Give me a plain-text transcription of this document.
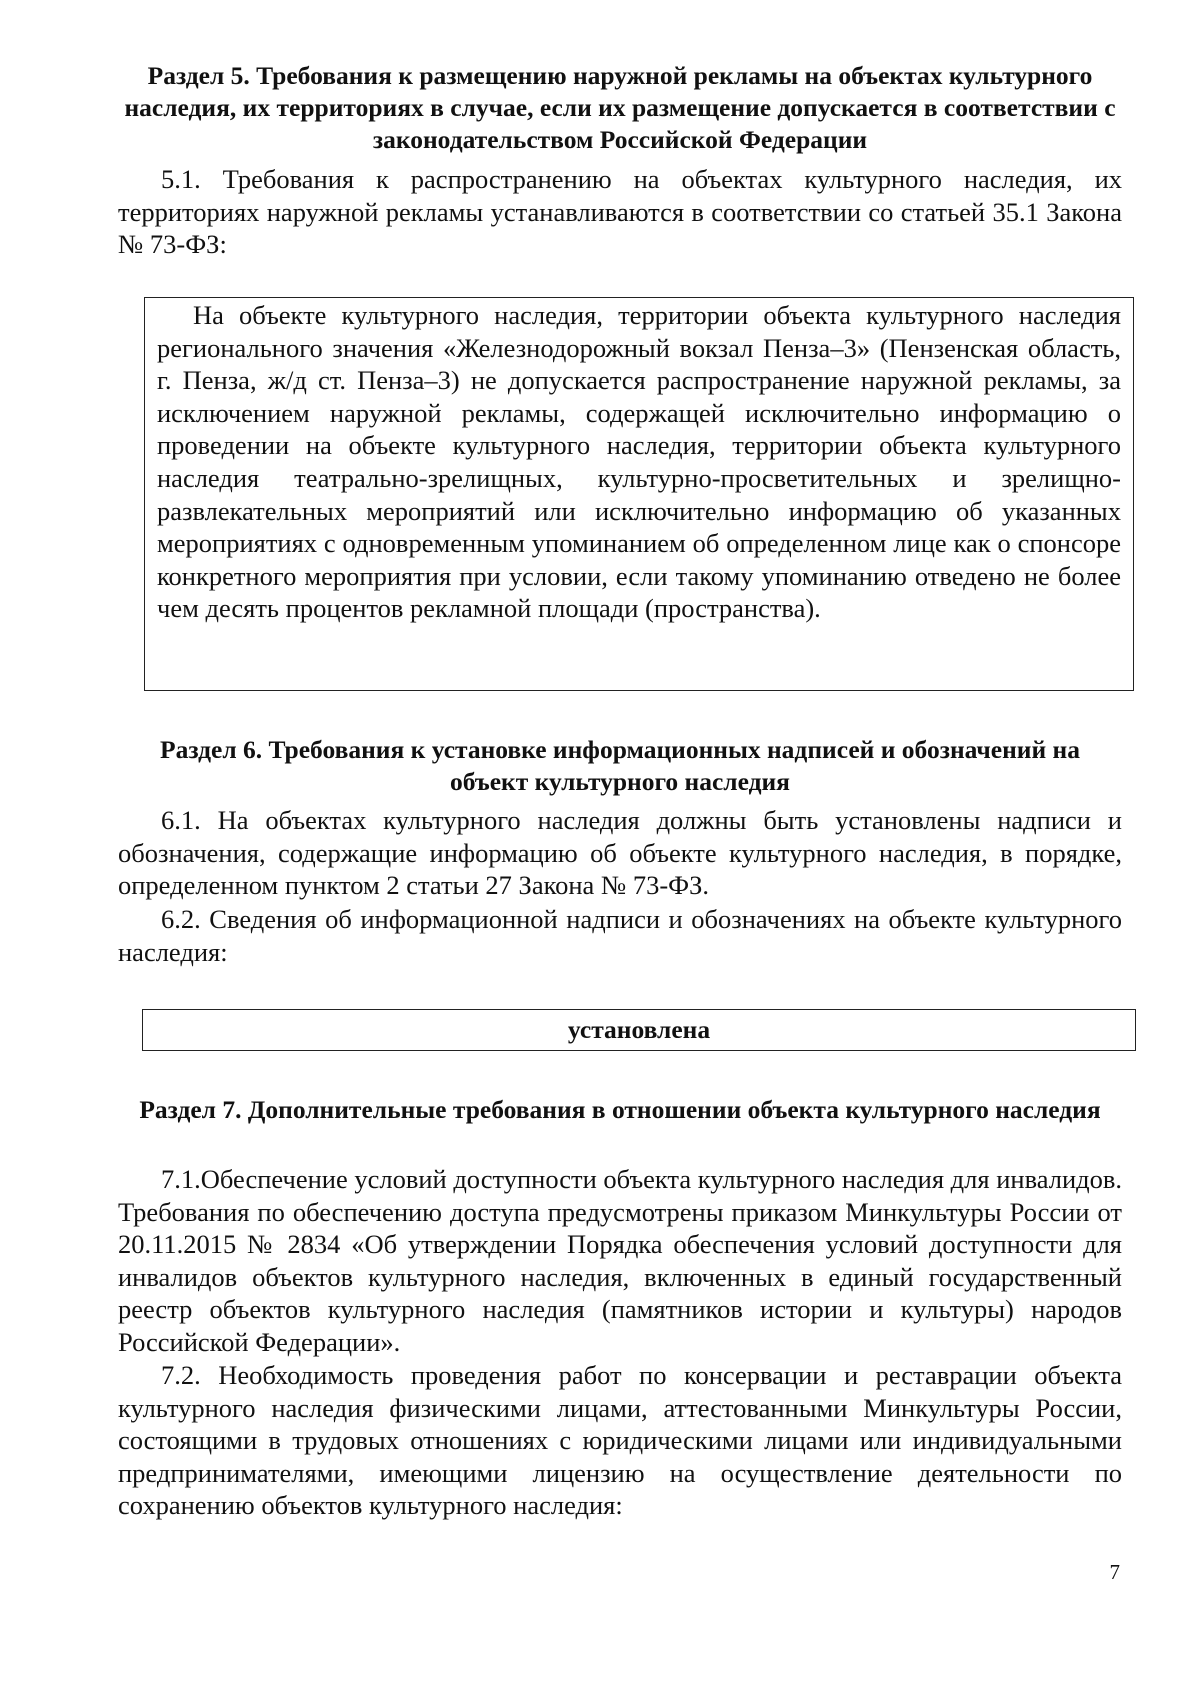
Раздел 5. Требования к размещению наружной рекламы на объектах культурного наследия, их территориях в случае, если их размещение допускается в соответствии с законодательством Российской Федерации
5.1. Требования к распространению на объектах культурного наследия, их территориях наружной рекламы устанавливаются в соответствии со статьей 35.1 Закона № 73-ФЗ:
На объекте культурного наследия, территории объекта культурного наследия регионального значения «Железнодорожный вокзал Пенза–3» (Пензенская область, г. Пенза, ж/д ст. Пенза–3) не допускается распространение наружной рекламы, за исключением наружной рекламы, содержащей исключительно информацию о проведении на объекте культурного наследия, территории объекта культурного наследия театрально-зрелищных, культурно-просветительных и зрелищно-развлекательных мероприятий или исключительно информацию об указанных мероприятиях с одновременным упоминанием об определенном лице как о спонсоре конкретного мероприятия при условии, если такому упоминанию отведено не более чем десять процентов рекламной площади (пространства).
Раздел 6. Требования к установке информационных надписей и обозначений на объект культурного наследия
6.1. На объектах культурного наследия должны быть установлены надписи и обозначения, содержащие информацию об объекте культурного наследия, в порядке, определенном пунктом 2 статьи 27 Закона № 73-ФЗ.
6.2. Сведения об информационной надписи и обозначениях на объекте культурного наследия:
установлена
Раздел 7. Дополнительные требования в отношении объекта культурного наследия
7.1.Обеспечение условий доступности объекта культурного наследия для инвалидов. Требования по обеспечению доступа предусмотрены приказом Минкультуры России от 20.11.2015 № 2834 «Об утверждении Порядка обеспечения условий доступности для инвалидов объектов культурного наследия, включенных в единый государственный реестр объектов культурного наследия (памятников истории и культуры) народов Российской Федерации».
7.2. Необходимость проведения работ по консервации и реставрации объекта культурного наследия физическими лицами, аттестованными Минкультуры России, состоящими в трудовых отношениях с юридическими лицами или индивидуальными предпринимателями, имеющими лицензию на осуществление деятельности по сохранению объектов культурного наследия:
7
